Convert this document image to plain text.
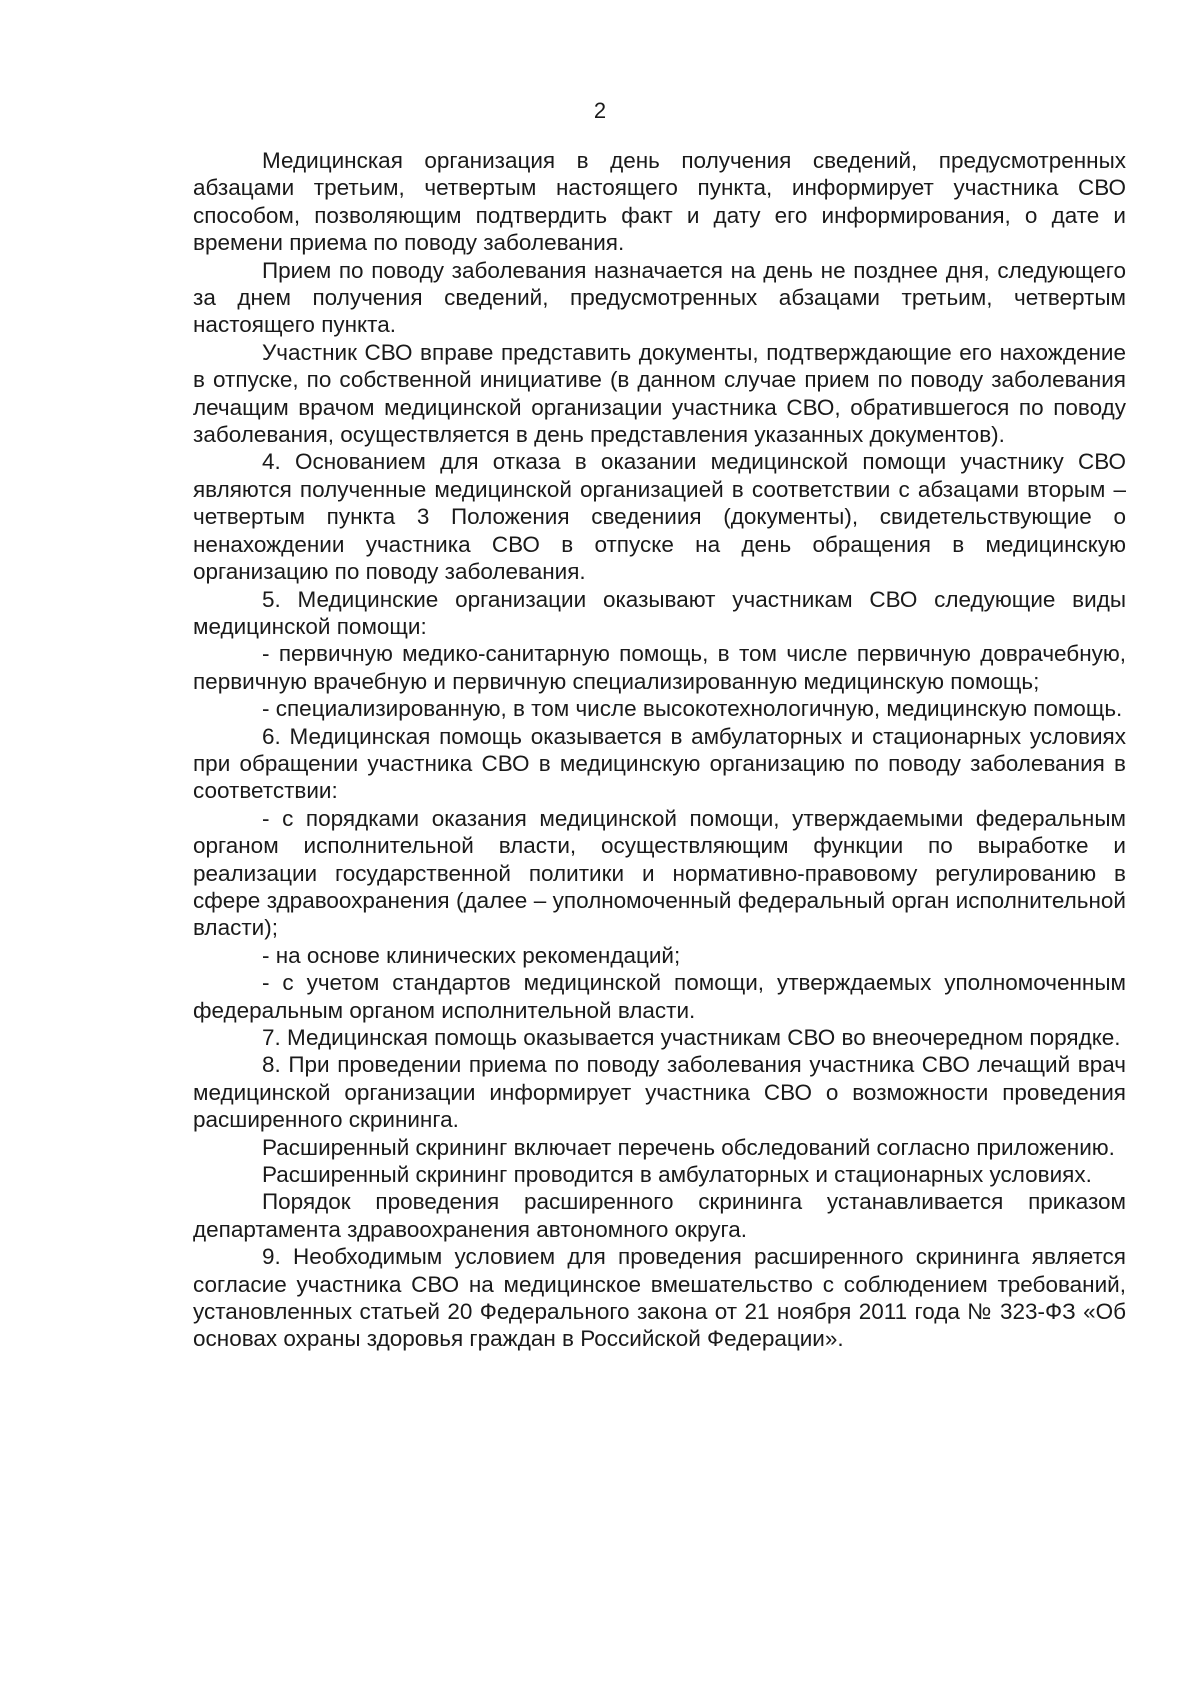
2

Медицинская организация в день получения сведений, предусмотренных абзацами третьим, четвертым настоящего пункта, информирует участника СВО способом, позволяющим подтвердить факт и дату его информирования, о дате и времени приема по поводу заболевания.

Прием по поводу заболевания назначается на день не позднее дня, следующего за днем получения сведений, предусмотренных абзацами третьим, четвертым настоящего пункта.

Участник СВО вправе представить документы, подтверждающие его нахождение в отпуске, по собственной инициативе (в данном случае прием по поводу заболевания лечащим врачом медицинской организации участника СВО, обратившегося по поводу заболевания, осуществляется в день представления указанных документов).

4. Основанием для отказа в оказании медицинской помощи участнику СВО являются полученные медицинской организацией в соответствии с абзацами вторым – четвертым пункта 3 Положения сведениия (документы), свидетельствующие о ненахождении участника СВО в отпуске на день обращения в медицинскую организацию по поводу заболевания.

5. Медицинские организации оказывают участникам СВО следующие виды медицинской помощи:

- первичную медико-санитарную помощь, в том числе первичную доврачебную, первичную врачебную и первичную специализированную медицинскую помощь;

- специализированную, в том числе высокотехнологичную, медицинскую помощь.

6. Медицинская помощь оказывается в амбулаторных и стационарных условиях при обращении участника СВО в медицинскую организацию по поводу заболевания в соответствии:

- с порядками оказания медицинской помощи, утверждаемыми федеральным органом исполнительной власти, осуществляющим функции по выработке и реализации государственной политики и нормативно-правовому регулированию в сфере здравоохранения (далее – уполномоченный федеральный орган исполнительной власти);

- на основе клинических рекомендаций;

- с учетом стандартов медицинской помощи, утверждаемых уполномоченным федеральным органом исполнительной власти.

7. Медицинская помощь оказывается участникам СВО во внеочередном порядке.

8. При проведении приема по поводу заболевания участника СВО лечащий врач медицинской организации информирует участника СВО о возможности проведения расширенного скрининга.

Расширенный скрининг включает перечень обследований согласно приложению.

Расширенный скрининг проводится в амбулаторных и стационарных условиях.

Порядок проведения расширенного скрининга устанавливается приказом департамента здравоохранения автономного округа.

9. Необходимым условием для проведения расширенного скрининга является согласие участника СВО на медицинское вмешательство с соблюдением требований, установленных статьей 20 Федерального закона от 21 ноября 2011 года № 323-ФЗ «Об основах охраны здоровья граждан в Российской Федерации».
